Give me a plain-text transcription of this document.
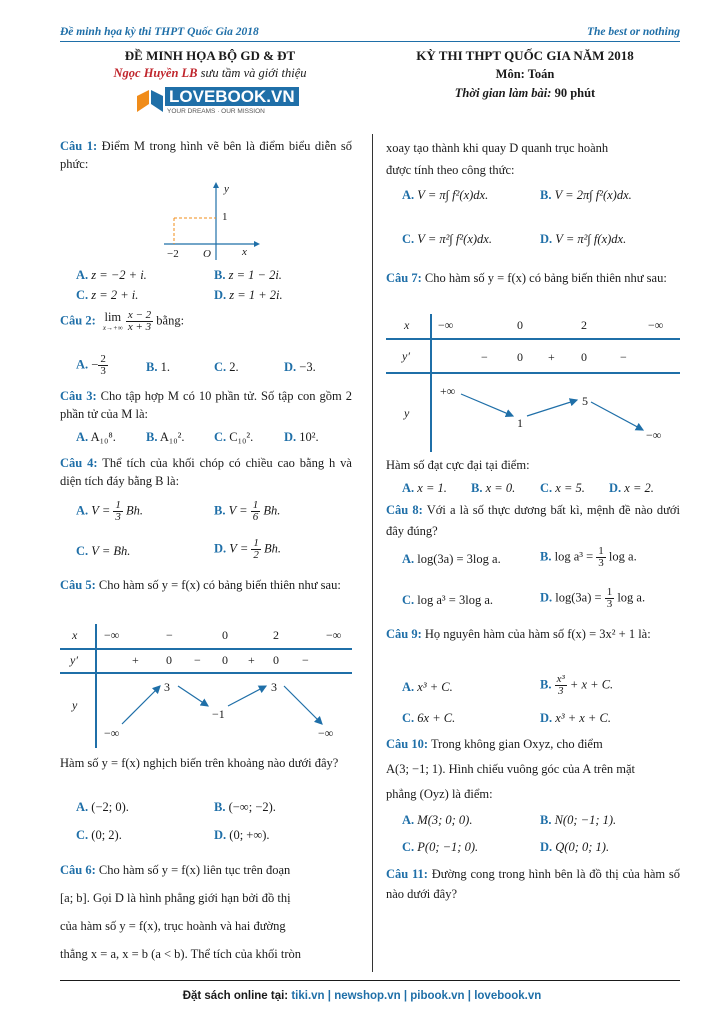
Đề minh họa kỳ thi THPT Quốc Gia 2018	The best or nothing
ĐỀ MINH HỌA BỘ GD & ĐT
Ngọc Huyền LB sưu tầm và giới thiệu
LOVEBOOK.VN
YOUR DREAMS · OUR MISSION
KỲ THI THPT QUỐC GIA NĂM 2018
Môn: Toán
Thời gian làm bài: 90 phút
Câu 1: Điểm M trong hình vẽ bên là điểm biểu diễn số phức:
y
1
−2 O	x
A. z = −2 + i.	B. z = 1 − 2i.
C. z = 2 + i.	D. z = 1 + 2i.
Câu 2: lim
x→+∞
$\frac{x - 2}{x + 3}$ bằng:
A. − $\frac{2}{3}$	B. 1.	C. 2.	D. −3.
Câu 3: Cho tập hợp M có 10 phần tử. Số tập con gồm 2 phần tử của M là:
A. A₁₀⁸. B. A₁₀². C. C₁₀². D. 10².
Câu 4: Thể tích của khối chóp có chiều cao bằng h và diện tích đáy bằng B là:
A. $V = \frac{1}{3} Bh$.	B. $V = \frac{1}{6} Bh$.
C. V = Bh.	D. $V = \frac{1}{2} Bh$.
Câu 5: Cho hàm số y = f(x) có bảng biến thiên như sau:
x −∞	−	0	2	−∞
y′	+ 0 − 0 + 0 −
y
3	3
−1
−∞	−∞
Hàm số y = f(x) nghịch biến trên khoảng nào dưới đây?
A. (−2; 0).	B. (−∞; −2).
C. (0; 2).	D. (0; +∞).
Câu 6: Cho hàm số y = f(x) liên tục trên đoạn
[a; b]. Gọi D là hình phẳng giới hạn bởi đồ thị
của hàm số y = f(x), trục hoành và hai đường
thẳng x = a, x = b (a < b). Thể tích của khối tròn
xoay tạo thành khi quay D quanh trục hoành
được tính theo công thức:
A. V = π∫ f²(x)dx.	B. V = 2π∫ f²(x)dx.
C. V = π²∫ f²(x)dx.	D. V = π²∫ f(x)dx.
Câu 7: Cho hàm số y = f(x) có bảng biến thiên như sau:
x −∞	0	2	−∞
y′	− 0 + 0	−
y
+∞
1
5
−∞
Hàm số đạt cực đại tại điểm:
A. x = 1. B. x = 0. C. x = 5. D. x = 2.
Câu 8: Với a là số thực dương bất kì, mệnh đề nào dưới đây đúng?
A. log(3a) = 3log a.	B. $\log a^3 = \frac{1}{3}$ log a.
C. log a³ = 3log a.	D. $\log(3a) = \frac{1}{3}$ log a.
Câu 9: Họ nguyên hàm của hàm số f(x) = 3x² + 1 là:
A. x³ + C.	B. $\frac{\text{x³}}{3} + x + C$.
C. 6x + C.	D. x³ + x + C.
Câu 10: Trong không gian Oxyz, cho điểm
A(3; −1; 1). Hình chiếu vuông góc của A trên mặt
phẳng (Oyz) là điểm:
A. M(3; 0; 0).	B. N(0; −1; 1).
C. P(0; −1; 0).	D. Q(0; 0; 1).
Câu 11: Đường cong trong hình bên là đồ thị của hàm số nào dưới đây?
Đặt sách online tại: tiki.vn | newshop.vn | pibook.vn | lovebook.vn
